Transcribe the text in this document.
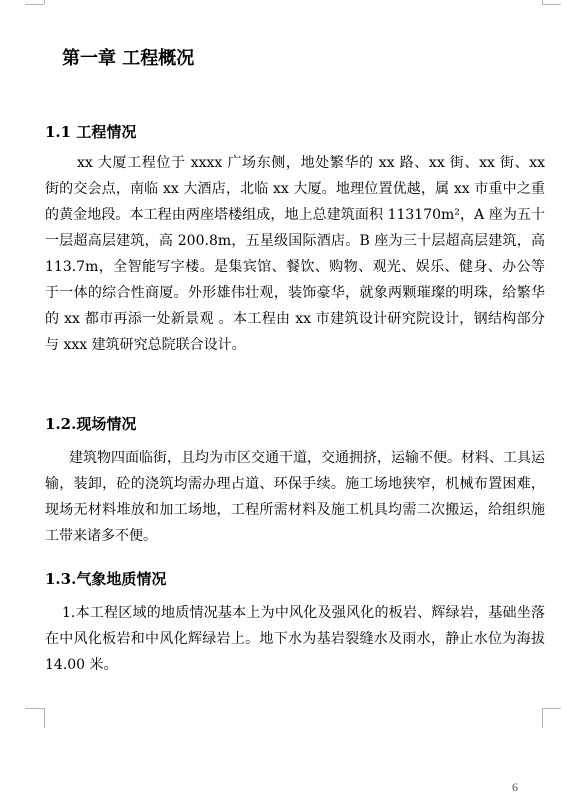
第一章 工程概况
1.1 工程情况

xx 大厦工程位于 xxxx 广场东侧，地处繁华的 xx 路、xx 街、xx 街、xx 街的交会点，南临 xx 大酒店，北临 xx 大厦。地理位置优越，属 xx 市重中之重的黄金地段。本工程由两座塔楼组成，地上总建筑面积 113170m²，A 座为五十一层超高层建筑，高 200.8m，五星级国际酒店。B 座为三十层超高层建筑，高 113.7m，全智能写字楼。是集宾馆、餐饮、购物、观光、娱乐、健身、办公等于一体的综合性商厦。外形雄伟壮观，装饰豪华，就象两颗璀璨的明珠，给繁华的 xx 都市再添一处新景观 。本工程由 xx 市建筑设计研究院设计，钢结构部分与 xxx 建筑研究总院联合设计。

1.2.现场情况

建筑物四面临街，且均为市区交通干道，交通拥挤，运输不便。材料、工具运输，装卸，砼的浇筑均需办理占道、环保手续。施工场地狭窄，机械布置困难，现场无材料堆放和加工场地，工程所需材料及施工机具均需二次搬运，给组织施工带来诸多不便。

1.3.气象地质情况

1.本工程区域的地质情况基本上为中风化及强风化的板岩、辉绿岩，基础坐落在中风化板岩和中风化辉绿岩上。地下水为基岩裂缝水及雨水，静止水位为海拔 14.00 米。

6
